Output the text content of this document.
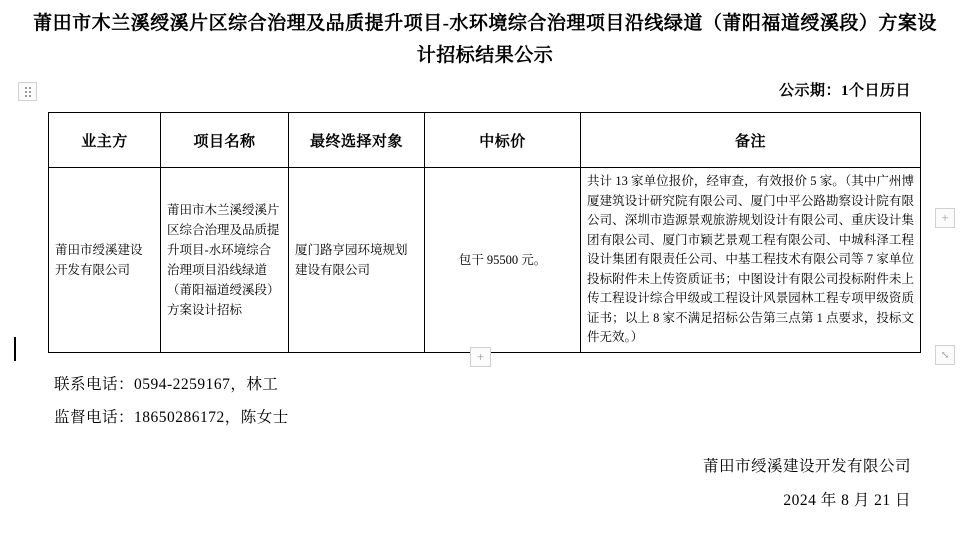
莆田市木兰溪绶溪片区综合治理及品质提升项目-水环境综合治理项目沿线绿道（莆阳福道绶溪段）方案设计招标结果公示
公示期：1个日历日
业主方	项目名称	最终选择对象	中标价	备注
莆田市绶溪建设开发有限公司	莆田市木兰溪绶溪片区综合治理及品质提升项目-水环境综合治理项目沿线绿道（莆阳福道绶溪段）方案设计招标	厦门路亨园环境规划建设有限公司	包干 95500 元。	共计 13 家单位报价，经审查，有效报价 5 家。（其中广州博厦建筑设计研究院有限公司、厦门中平公路勘察设计院有限公司、深圳市造源景观旅游规划设计有限公司、重庆设计集团有限公司、厦门市颖艺景观工程有限公司、中城科泽工程设计集团有限责任公司、中基工程技术有限公司等 7 家单位投标附件未上传资质证书；中图设计有限公司投标附件未上传工程设计综合甲级或工程设计风景园林工程专项甲级资质证书；以上 8 家不满足招标公告第三点第 1 点要求，投标文件无效。）
联系电话：0594-2259167，林工
监督电话：18650286172，陈女士
莆田市绶溪建设开发有限公司
2024 年 8 月 21 日
+
+	⤡
